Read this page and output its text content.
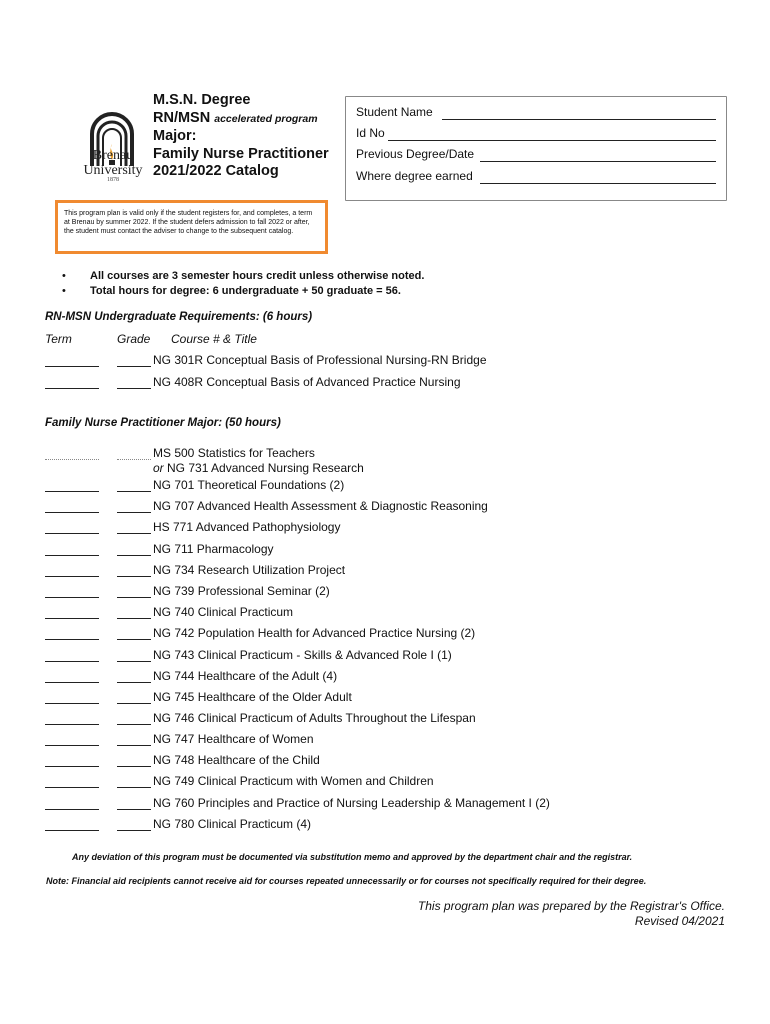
Brenau
University
1878
M.S.N. Degree
RN/MSN accelerated program
Major:
Family Nurse Practitioner
2021/2022 Catalog
Student Name
Id No
Previous Degree/Date
Where degree earned
This program plan is valid only if the student registers for, and completes, a term at Brenau by summer 2022. If the student defers admission to fall 2022 or after, the student must contact the adviser to change to the subsequent catalog.
• All courses are 3 semester hours credit unless otherwise noted.
• Total hours for degree: 6 undergraduate + 50 graduate = 56.
RN-MSN Undergraduate Requirements: (6 hours)
Term	Grade Course # & Title
NG 301R Conceptual Basis of Professional Nursing-RN Bridge
NG 408R Conceptual Basis of Advanced Practice Nursing
Family Nurse Practitioner Major: (50 hours)
MS 500 Statistics for Teachers
or NG 731 Advanced Nursing Research
NG 701 Theoretical Foundations (2)
NG 707 Advanced Health Assessment & Diagnostic Reasoning
HS 771 Advanced Pathophysiology
NG 711 Pharmacology
NG 734 Research Utilization Project
NG 739 Professional Seminar (2)
NG 740 Clinical Practicum
NG 742 Population Health for Advanced Practice Nursing (2)
NG 743 Clinical Practicum - Skills & Advanced Role I (1)
NG 744 Healthcare of the Adult (4)
NG 745 Healthcare of the Older Adult
NG 746 Clinical Practicum of Adults Throughout the Lifespan
NG 747 Healthcare of Women
NG 748 Healthcare of the Child
NG 749 Clinical Practicum with Women and Children
NG 760 Principles and Practice of Nursing Leadership & Management I (2)
NG 780 Clinical Practicum (4)
Any deviation of this program must be documented via substitution memo and approved by the department chair and the registrar.
Note: Financial aid recipients cannot receive aid for courses repeated unnecessarily or for courses not specifically required for their degree.
This program plan was prepared by the Registrar's Office.
Revised 04/2021
